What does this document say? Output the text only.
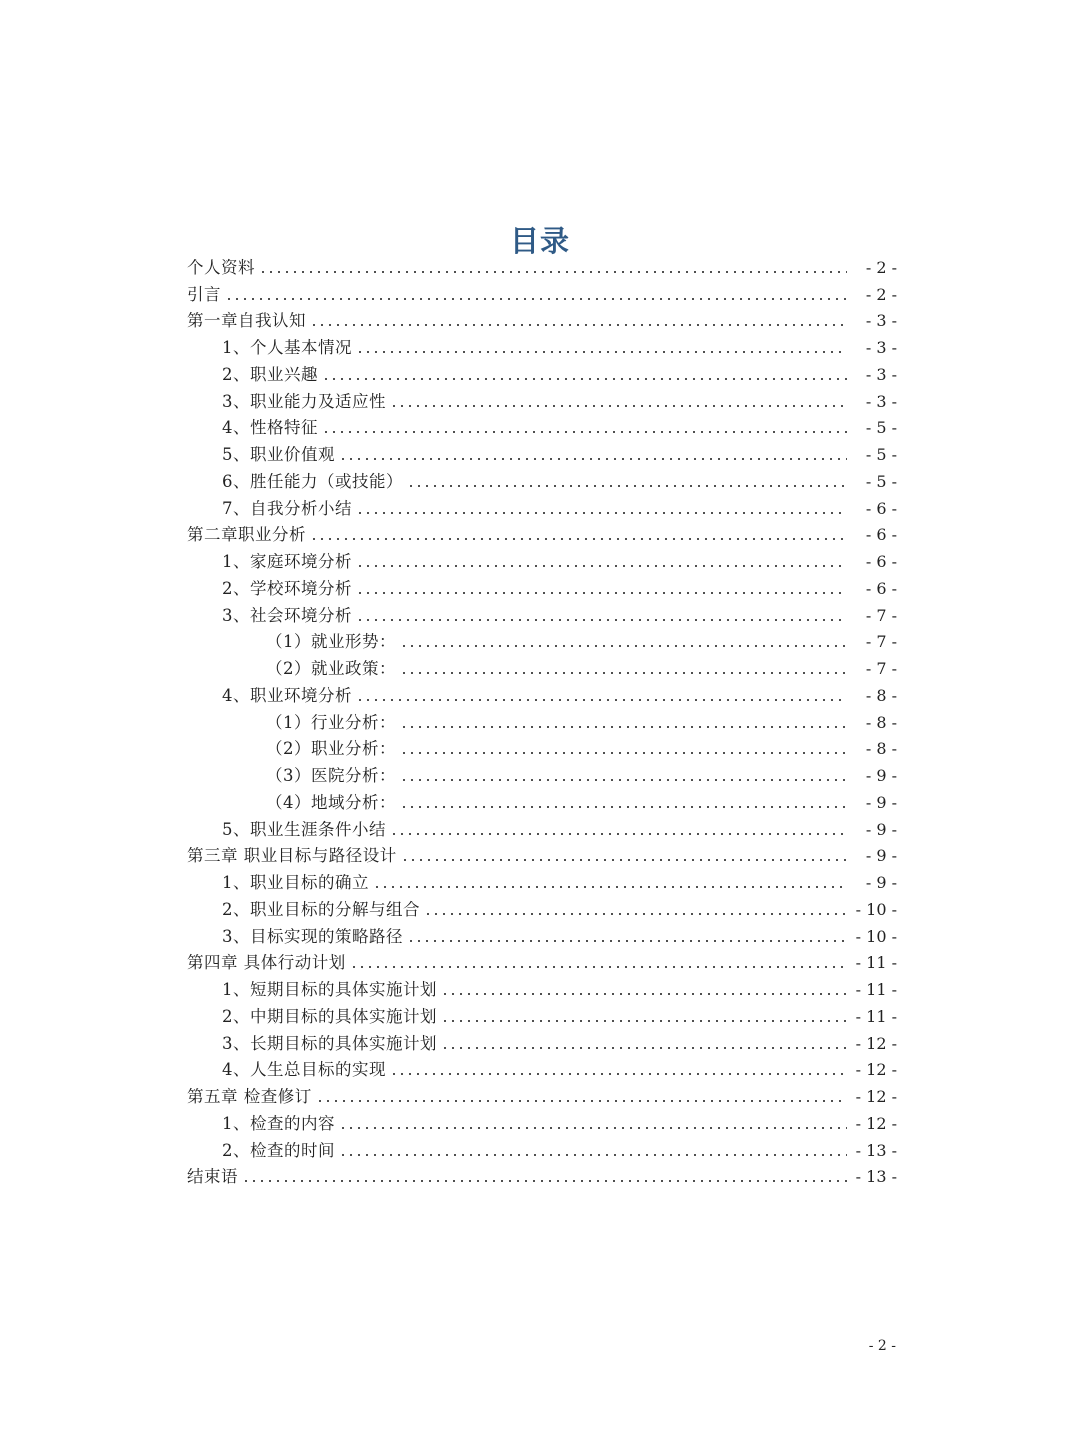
目录
个人资料	- 2 -
引言	- 2 -
第一章自我认知	- 3 -
1、个人基本情况	- 3 -
2、职业兴趣	- 3 -
3、职业能力及适应性	- 3 -
4、性格特征	- 5 -
5、职业价值观	- 5 -
6、胜任能力（或技能）	- 5 -
7、自我分析小结	- 6 -
第二章职业分析	- 6 -
1、家庭环境分析	- 6 -
2、学校环境分析	- 6 -
3、社会环境分析	- 7 -
（1）就业形势：	- 7 -
（2）就业政策：	- 7 -
4、职业环境分析	- 8 -
（1）行业分析：	- 8 -
（2）职业分析：	- 8 -
（3）医院分析：	- 9 -
（4）地域分析：	- 9 -
5、职业生涯条件小结	- 9 -
第三章 职业目标与路径设计	- 9 -
1、职业目标的确立	- 9 -
2、职业目标的分解与组合	- 10 -
3、目标实现的策略路径	- 10 -
第四章 具体行动计划	- 11 -
1、短期目标的具体实施计划	- 11 -
2、中期目标的具体实施计划	- 11 -
3、长期目标的具体实施计划	- 12 -
4、人生总目标的实现	- 12 -
第五章 检查修订	- 12 -
1、检查的内容	- 12 -
2、检查的时间	- 13 -
结束语	- 13 -
- 2 -
